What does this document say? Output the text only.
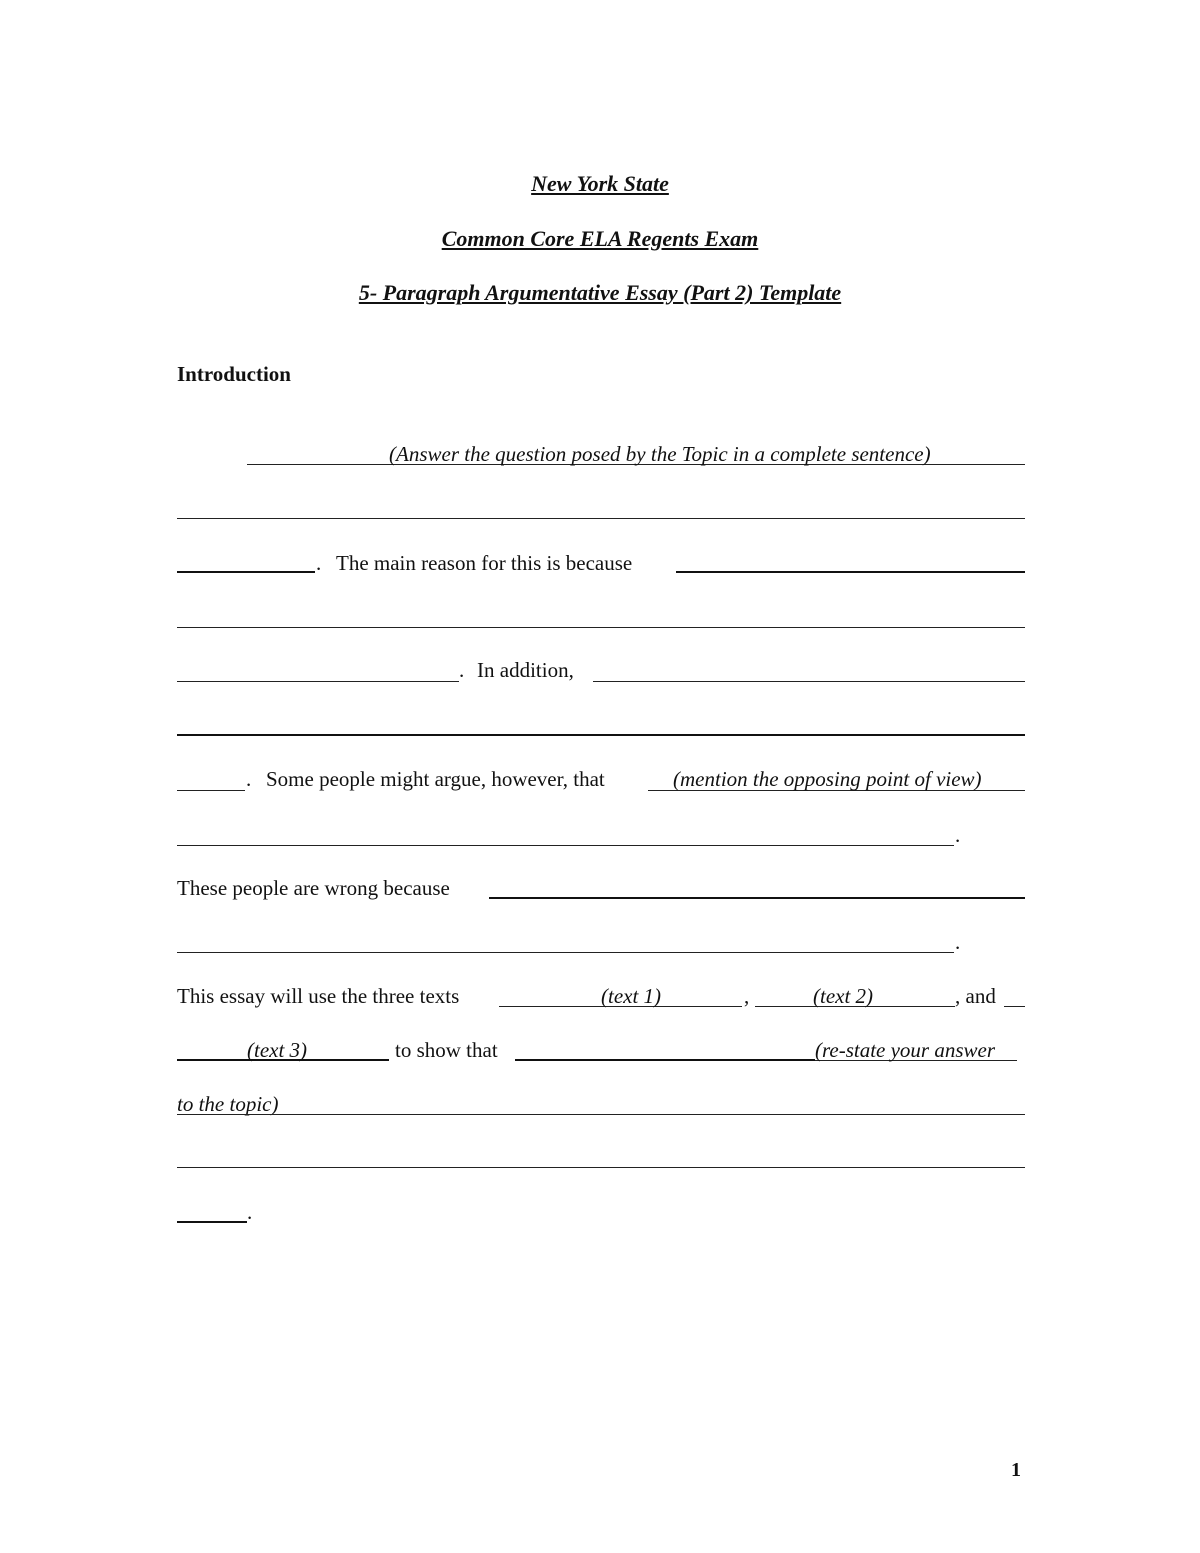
New York State
Common Core ELA Regents Exam
5- Paragraph Argumentative Essay (Part 2) Template
Introduction
(Answer the question posed by the Topic in a complete sentence)
. The main reason for this is because
. In addition,
. Some people might argue, however, that	(mention the opposing point of view)
.
These people are wrong because
.
This essay will use the three texts	(text 1)	,	(text 2)	, and
(text 3)	to show that	(re-state your answer
to the topic)
.
1
